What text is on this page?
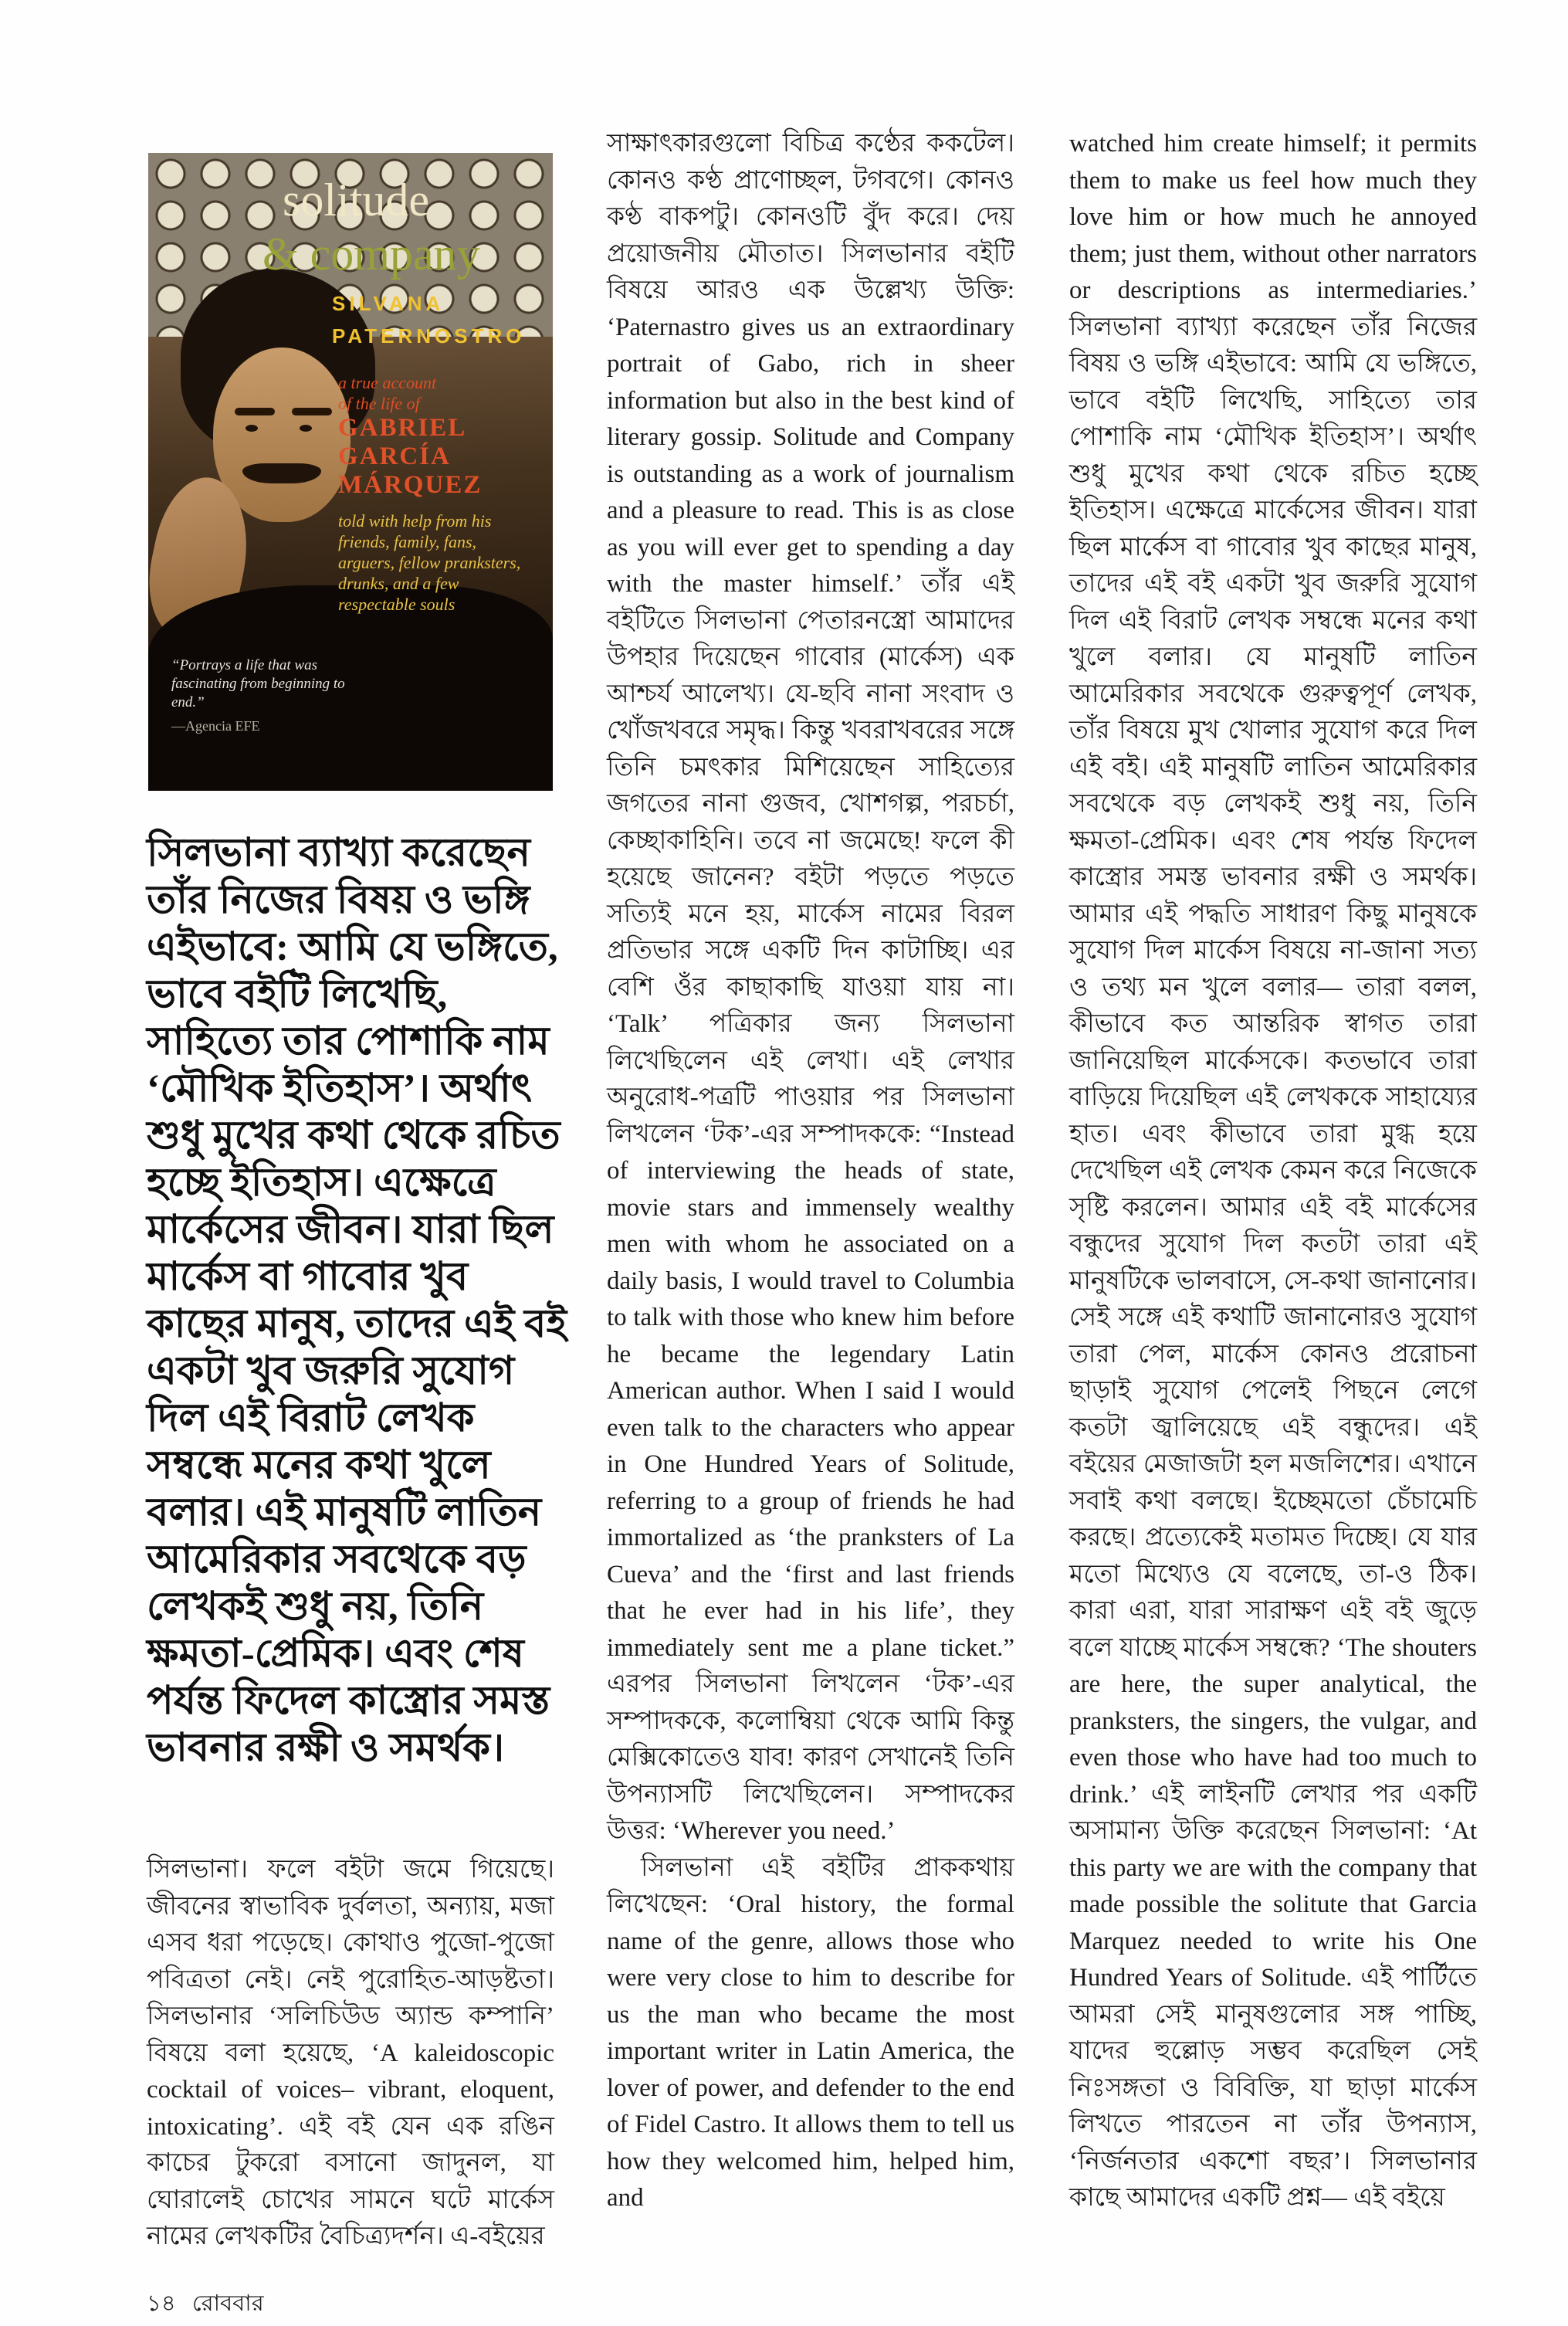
solitude
& company
SILVANA
PATERNOSTRO
a true account
of the life of
GABRIEL
GARCÍA
MÁRQUEZ
told with help from his friends, family, fans, arguers, fellow pranksters, drunks, and a few respectable souls
“Portrays a life that was fascinating from beginning to end.”
—Agencia EFE
সিলভানা ব্যাখ্যা করেছেন তাঁর নিজের বিষয় ও ভঙ্গি এইভাবে: আমি যে ভঙ্গিতে, ভাবে বইটি লিখেছি, সাহিত্যে তার পোশাকি নাম ‘মৌখিক ইতিহাস’। অর্থাৎ শুধু মুখের কথা থেকে রচিত হচ্ছে ইতিহাস। এক্ষেত্রে মার্কেসের জীবন। যারা ছিল মার্কেস বা গাবোর খুব কাছের মানুষ, তাদের এই বই একটা খুব জরুরি সুযোগ দিল এই বিরাট লেখক সম্বন্ধে মনের কথা খুলে বলার। এই মানুষটি লাতিন আমেরিকার সবথেকে বড় লেখকই শুধু নয়, তিনি ক্ষমতা-প্রেমিক। এবং শেষ পর্যন্ত ফিদেল কাস্ত্রোর সমস্ত ভাবনার রক্ষী ও সমর্থক।
সিলভানা। ফলে বইটা জমে গিয়েছে। জীবনের স্বাভাবিক দুর্বলতা, অন্যায়, মজা এসব ধরা পড়েছে। কোথাও পুজো-পুজো পবিত্রতা নেই। নেই পুরোহিত-আড়ষ্টতা। সিলভানার ‘সলিচিউড অ্যান্ড কম্পানি’ বিষয়ে বলা হয়েছে, ‘A kaleidoscopic cocktail of voices– vibrant, eloquent, intoxicating’. এই বই যেন এক রঙিন কাচের টুকরো বসানো জাদুনল, যা ঘোরালেই চোখের সামনে ঘটে মার্কেস নামের লেখকটির বৈচিত্র্যদর্শন। এ-বইয়ের

সাক্ষাৎকারগুলো বিচিত্র কণ্ঠের ককটেল। কোনও কণ্ঠ প্রাণোচ্ছল, টগবগে। কোনও কণ্ঠ বাকপটু। কোনওটি বুঁদ করে। দেয় প্রয়োজনীয় মৌতাত। সিলভানার বইটি বিষয়ে আরও এক উল্লেখ্য উক্তি: ‘Paternastro gives us an extraordinary portrait of Gabo, rich in sheer information but also in the best kind of literary gossip. Solitude and Company is outstanding as a work of journalism and a pleasure to read. This is as close as you will ever get to spending a day with the master himself.’ তাঁর এই বইটিতে সিলভানা পেতারনস্ত্রো আমাদের উপহার দিয়েছেন গাবোর (মার্কেস) এক আশ্চর্য আলেখ্য। যে-ছবি নানা সংবাদ ও খোঁজখবরে সমৃদ্ধ। কিন্তু খবরাখবরের সঙ্গে তিনি চমৎকার মিশিয়েছেন সাহিত্যের জগতের নানা গুজব, খোশগল্প, পরচর্চা, কেচ্ছাকাহিনি। তবে না জমেছে! ফলে কী হয়েছে জানেন? বইটা পড়তে পড়তে সত্যিই মনে হয়, মার্কেস নামের বিরল প্রতিভার সঙ্গে একটি দিন কাটাচ্ছি। এর বেশি ওঁর কাছাকাছি যাওয়া যায় না। ‘Talk’ পত্রিকার জন্য সিলভানা লিখেছিলেন এই লেখা। এই লেখার অনুরোধ-পত্রটি পাওয়ার পর সিলভানা লিখলেন ‘টক’-এর সম্পাদককে: “Instead of interviewing the heads of state, movie stars and immensely wealthy men with whom he associated on a daily basis, I would travel to Columbia to talk with those who knew him before he became the legendary Latin American author. When I said I would even talk to the characters who appear in One Hundred Years of Solitude, referring to a group of friends he had immortalized as ‘the pranksters of La Cueva’ and the ‘first and last friends that he ever had in his life’, they immediately sent me a plane ticket.” এরপর সিলভানা লিখলেন ‘টক’-এর সম্পাদককে, কলোম্বিয়া থেকে আমি কিন্তু মেক্সিকোতেও যাব! কারণ সেখানেই তিনি উপন্যাসটি লিখেছিলেন। সম্পাদকের উত্তর: ‘Wherever you need.’

সিলভানা এই বইটির প্রাককথায় লিখেছেন: ‘Oral history, the formal name of the genre, allows those who were very close to him to describe for us the man who became the most important writer in Latin America, the lover of power, and defender to the end of Fidel Castro. It allows them to tell us how they welcomed him, helped him, and

watched him create himself; it permits them to make us feel how much they love him or how much he annoyed them; just them, without other narrators or descriptions as intermediaries.’ সিলভানা ব্যাখ্যা করেছেন তাঁর নিজের বিষয় ও ভঙ্গি এইভাবে: আমি যে ভঙ্গিতে, ভাবে বইটি লিখেছি, সাহিত্যে তার পোশাকি নাম ‘মৌখিক ইতিহাস’। অর্থাৎ শুধু মুখের কথা থেকে রচিত হচ্ছে ইতিহাস। এক্ষেত্রে মার্কেসের জীবন। যারা ছিল মার্কেস বা গাবোর খুব কাছের মানুষ, তাদের এই বই একটা খুব জরুরি সুযোগ দিল এই বিরাট লেখক সম্বন্ধে মনের কথা খুলে বলার। যে মানুষটি লাতিন আমেরিকার সবথেকে গুরুত্বপূর্ণ লেখক, তাঁর বিষয়ে মুখ খোলার সুযোগ করে দিল এই বই। এই মানুষটি লাতিন আমেরিকার সবথেকে বড় লেখকই শুধু নয়, তিনি ক্ষমতা-প্রেমিক। এবং শেষ পর্যন্ত ফিদেল কাস্ত্রোর সমস্ত ভাবনার রক্ষী ও সমর্থক। আমার এই পদ্ধতি সাধারণ কিছু মানুষকে সুযোগ দিল মার্কেস বিষয়ে না-জানা সত্য ও তথ্য মন খুলে বলার— তারা বলল, কীভাবে কত আন্তরিক স্বাগত তারা জানিয়েছিল মার্কেসকে। কতভাবে তারা বাড়িয়ে দিয়েছিল এই লেখককে সাহায্যের হাত। এবং কীভাবে তারা মুগ্ধ হয়ে দেখেছিল এই লেখক কেমন করে নিজেকে সৃষ্টি করলেন। আমার এই বই মার্কেসের বন্ধুদের সুযোগ দিল কতটা তারা এই মানুষটিকে ভালবাসে, সে-কথা জানানোর। সেই সঙ্গে এই কথাটি জানানোরও সুযোগ তারা পেল, মার্কেস কোনও প্ররোচনা ছাড়াই সুযোগ পেলেই পিছনে লেগে কতটা জ্বালিয়েছে এই বন্ধুদের। এই বইয়ের মেজাজটা হল মজলিশের। এখানে সবাই কথা বলছে। ইচ্ছেমতো চেঁচামেচি করছে। প্রত্যেকেই মতামত দিচ্ছে। যে যার মতো মিথ্যেও যে বলেছে, তা-ও ঠিক। কারা এরা, যারা সারাক্ষণ এই বই জুড়ে বলে যাচ্ছে মার্কেস সম্বন্ধে? ‘The shouters are here, the super analytical, the pranksters, the singers, the vulgar, and even those who have had too much to drink.’ এই লাইনটি লেখার পর একটি অসামান্য উক্তি করেছেন সিলভানা: ‘At this party we are with the company that made possible the solitute that Garcia Marquez needed to write his One Hundred Years of Solitude. এই পার্টিতে আমরা সেই মানুষগুলোর সঙ্গ পাচ্ছি, যাদের হুল্লোড় সম্ভব করেছিল সেই নিঃসঙ্গতা ও বিবিক্তি, যা ছাড়া মার্কেস লিখতে পারতেন না তাঁর উপন্যাস, ‘নির্জনতার একশো বছর’। সিলভানার কাছে আমাদের একটি প্রশ্ন— এই বইয়ে

১৪ রোববার
